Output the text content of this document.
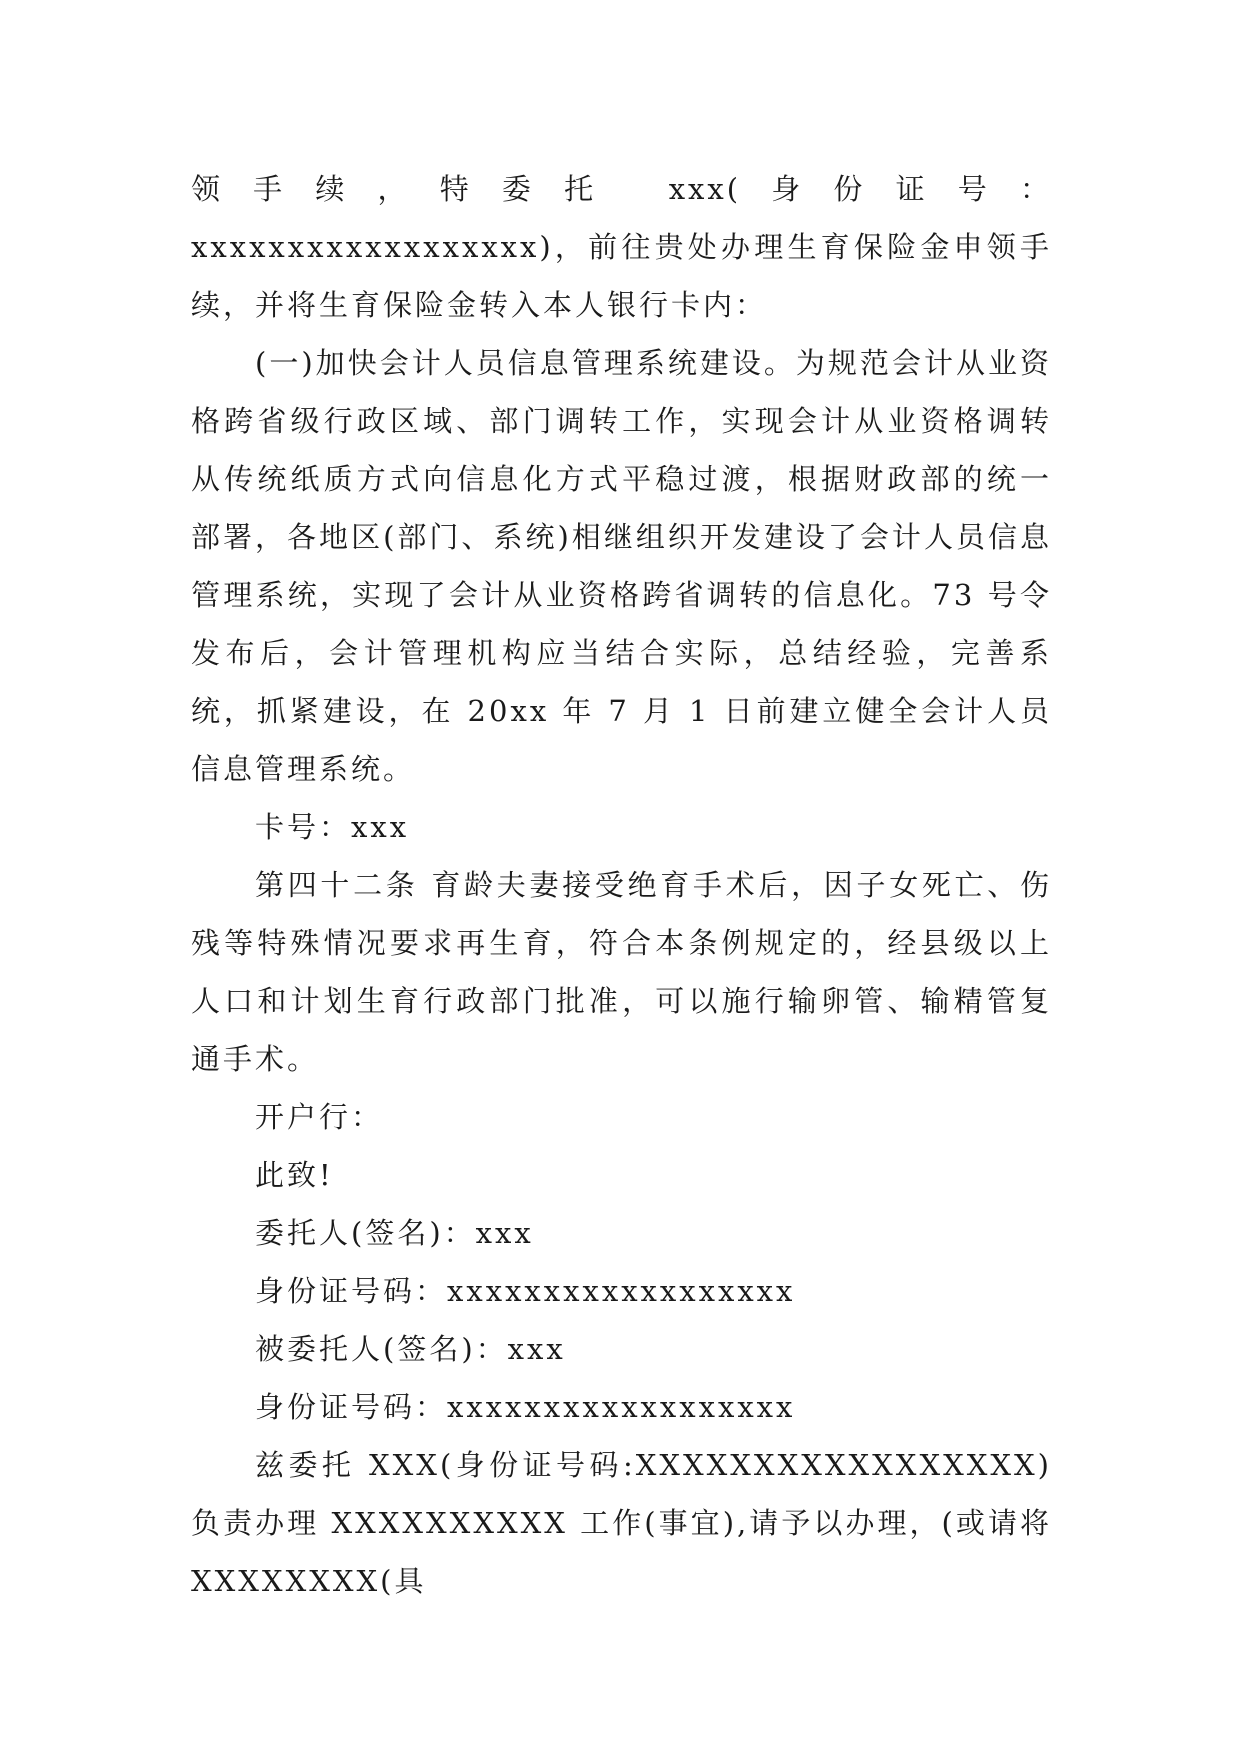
领手续，特委托 xxx(身份证号：xxxxxxxxxxxxxxxxxx)，前往贵处办理生育保险金申领手续，并将生育保险金转入本人银行卡内：

(一)加快会计人员信息管理系统建设。为规范会计从业资格跨省级行政区域、部门调转工作，实现会计从业资格调转从传统纸质方式向信息化方式平稳过渡，根据财政部的统一部署，各地区(部门、系统)相继组织开发建设了会计人员信息管理系统，实现了会计从业资格跨省调转的信息化。73 号令发布后，会计管理机构应当结合实际，总结经验，完善系统，抓紧建设，在 20xx 年 7 月 1 日前建立健全会计人员信息管理系统。

卡号：xxx

第四十二条 育龄夫妻接受绝育手术后，因子女死亡、伤残等特殊情况要求再生育，符合本条例规定的，经县级以上人口和计划生育行政部门批准，可以施行输卵管、输精管复通手术。

开户行：

此致!

委托人(签名)：xxx

身份证号码：xxxxxxxxxxxxxxxxxx

被委托人(签名)：xxx

身份证号码：xxxxxxxxxxxxxxxxxx

兹委托 XXX(身份证号码:XXXXXXXXXXXXXXXXX)负责办理 XXXXXXXXXX 工作(事宜),请予以办理，(或请将 XXXXXXXX(具
